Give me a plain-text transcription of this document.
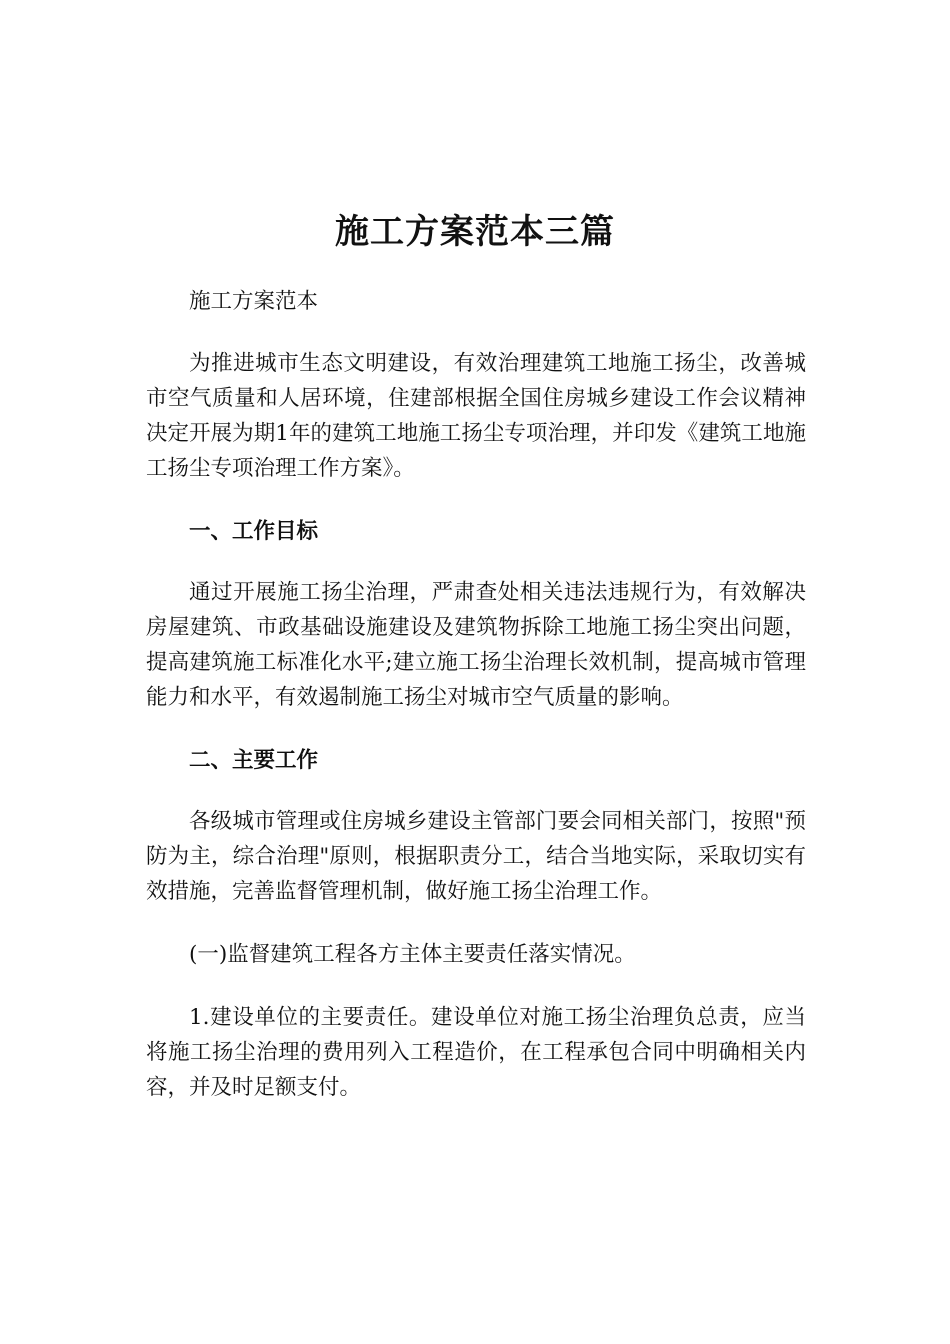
施工方案范本三篇

施工方案范本

为推进城市生态文明建设，有效治理建筑工地施工扬尘，改善城市空气质量和人居环境，住建部根据全国住房城乡建设工作会议精神决定开展为期1年的建筑工地施工扬尘专项治理，并印发《建筑工地施工扬尘专项治理工作方案》。

一、工作目标

通过开展施工扬尘治理，严肃查处相关违法违规行为，有效解决房屋建筑、市政基础设施建设及建筑物拆除工地施工扬尘突出问题，提高建筑施工标准化水平;建立施工扬尘治理长效机制，提高城市管理能力和水平，有效遏制施工扬尘对城市空气质量的影响。

二、主要工作

各级城市管理或住房城乡建设主管部门要会同相关部门，按照"预防为主，综合治理"原则，根据职责分工，结合当地实际，采取切实有效措施，完善监督管理机制，做好施工扬尘治理工作。

(一)监督建筑工程各方主体主要责任落实情况。

1.建设单位的主要责任。建设单位对施工扬尘治理负总责，应当将施工扬尘治理的费用列入工程造价，在工程承包合同中明确相关内容，并及时足额支付。
